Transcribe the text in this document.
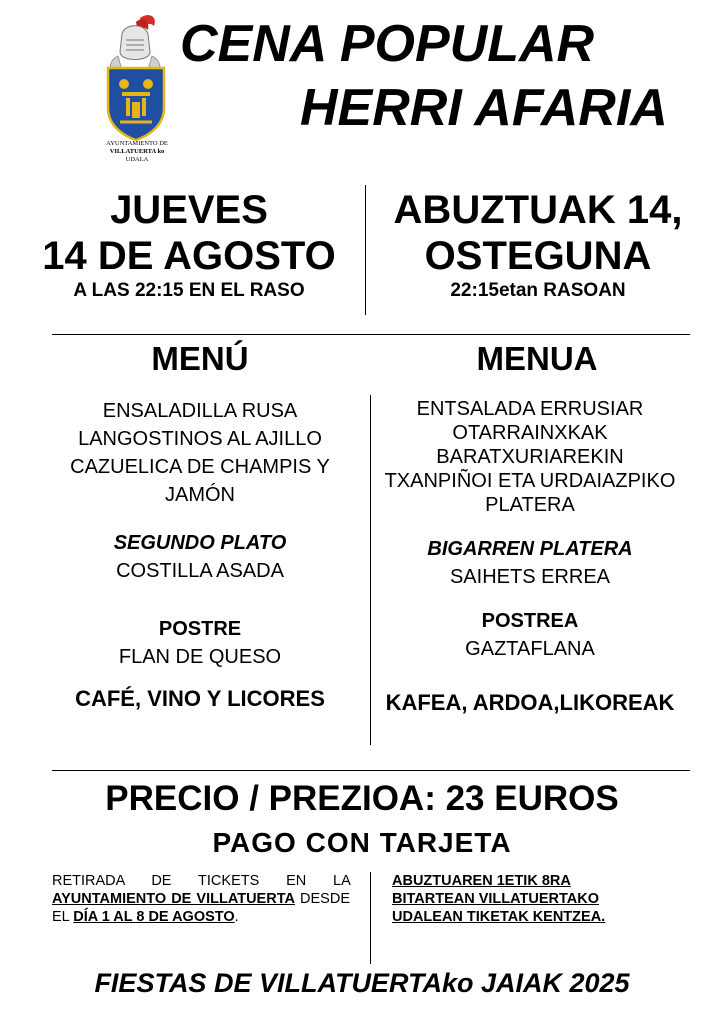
AYUNTAMIENTO DE
VILLATUERTA ko
UDALA
CENA POPULAR
HERRI AFARIA
JUEVES
14 DE AGOSTO
A LAS 22:15 EN EL RASO
ABUZTUAK 14,
OSTEGUNA
22:15etan RASOAN
MENÚ	MENUA
ENSALADILLA RUSA
LANGOSTINOS AL AJILLO
CAZUELICA DE CHAMPIS Y
JAMÓN
SEGUNDO PLATO
COSTILLA ASADA
POSTRE
FLAN DE QUESO
CAFÉ, VINO Y LICORES
ENTSALADA ERRUSIAR
OTARRAINXKAK
BARATXURIAREKIN
TXANPIÑOI ETA URDAIAZPIKO
PLATERA
BIGARREN PLATERA
SAIHETS ERREA
POSTREA
GAZTAFLANA
KAFEA, ARDOA,LIKOREAK
PRECIO / PREZIOA: 23 EUROS
PAGO CON TARJETA
RETIRADA DE TICKETS EN LA AYUNTAMIENTO DE VILLATUERTA DESDE EL DÍA 1 AL 8 DE AGOSTO.
ABUZTUAREN 1ETIK 8RA
BITARTEAN VILLATUERTAKO
UDALEAN TIKETAK KENTZEA.
FIESTAS DE VILLATUERTAko JAIAK 2025
